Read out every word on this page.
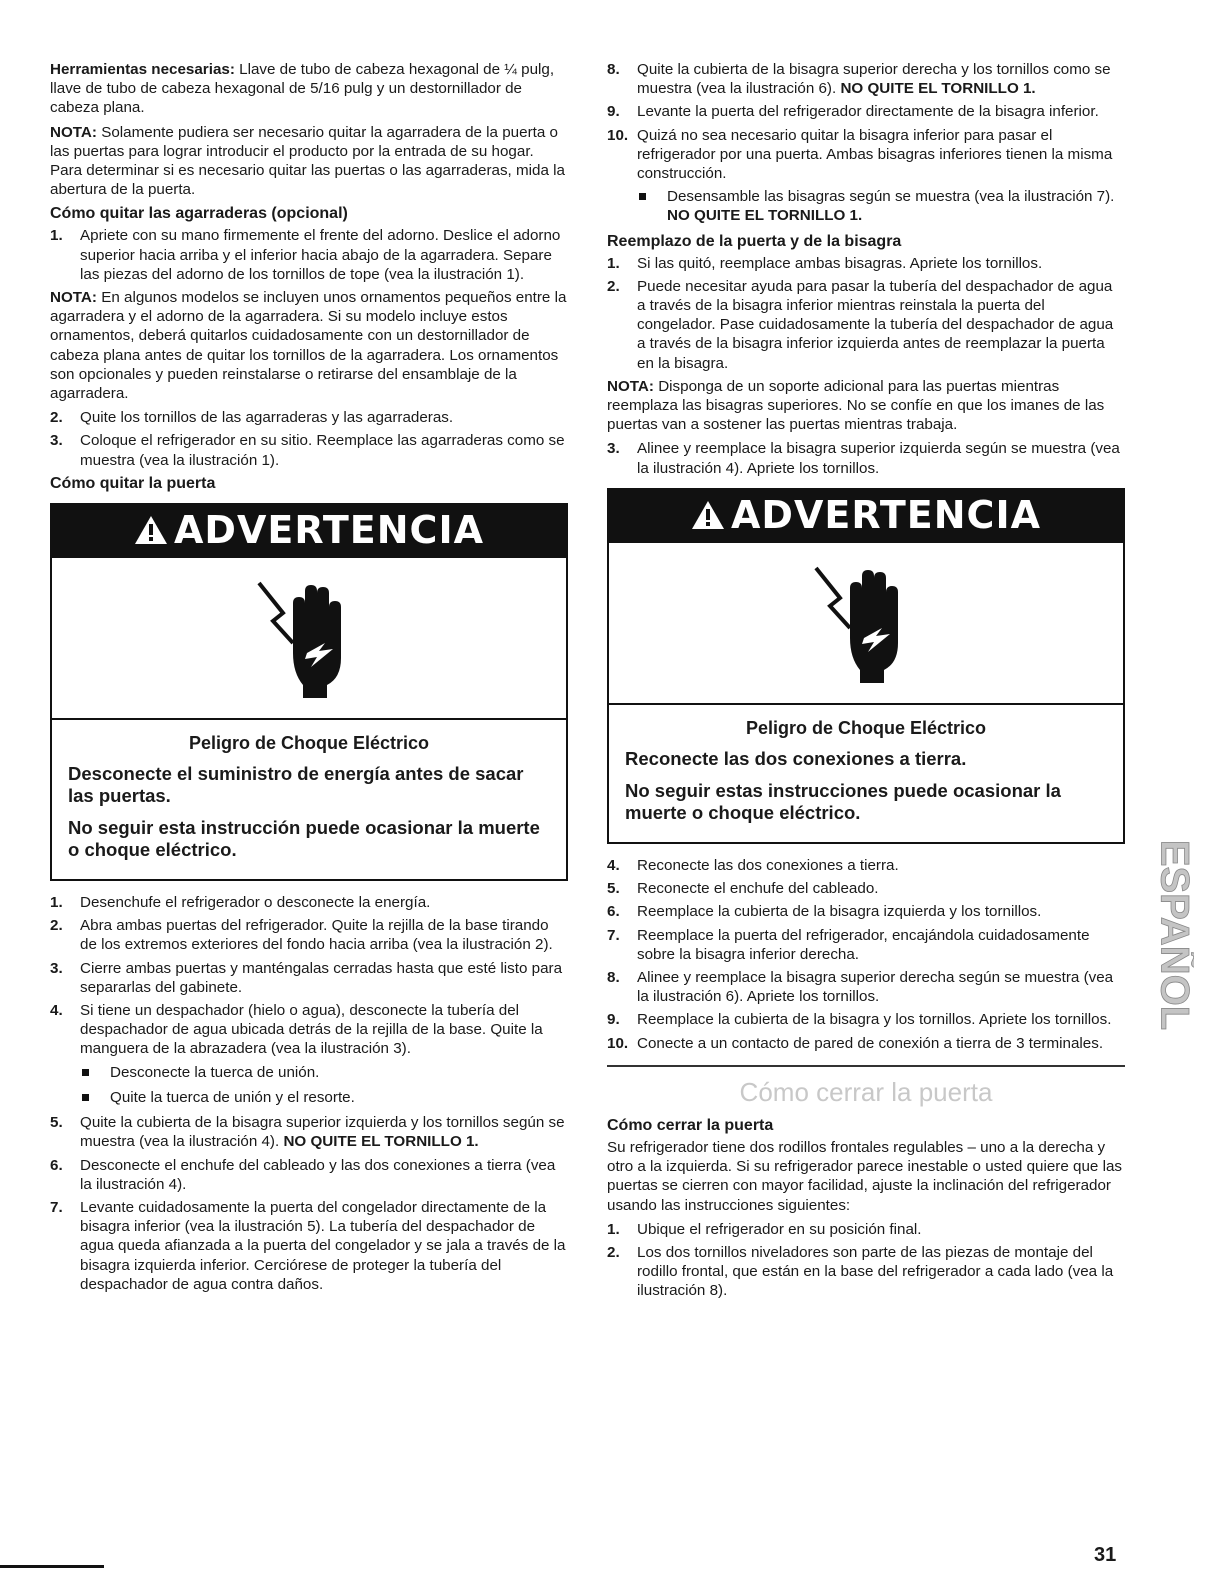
Herramientas necesarias: Llave de tubo de cabeza hexagonal de ¼ pulg, llave de tubo de cabeza hexagonal de 5/16 pulg y un destornillador de cabeza plana.

NOTA: Solamente pudiera ser necesario quitar la agarradera de la puerta o las puertas para lograr introducir el producto por la entrada de su hogar. Para determinar si es necesario quitar las puertas o las agarraderas, mida la abertura de la puerta.

Cómo quitar las agarraderas (opcional)
1. Apriete con su mano firmemente el frente del adorno. Deslice el adorno superior hacia arriba y el inferior hacia abajo de la agarradera. Separe las piezas del adorno de los tornillos de tope (vea la ilustración 1).

NOTA: En algunos modelos se incluyen unos ornamentos pequeños entre la agarradera y el adorno de la agarradera. Si su modelo incluye estos ornamentos, deberá quitarlos cuidadosamente con un destornillador de cabeza plana antes de quitar los tornillos de la agarradera. Los ornamentos son opcionales y pueden reinstalarse o retirarse del ensamblaje de la agarradera.

2. Quite los tornillos de las agarraderas y las agarraderas.
3. Coloque el refrigerador en su sitio. Reemplace las agarraderas como se muestra (vea la ilustración 1).
Cómo quitar la puerta
ADVERTENCIA

Peligro de Choque Eléctrico

Desconecte el suministro de energía antes de sacar las puertas.

No seguir esta instrucción puede ocasionar la muerte o choque eléctrico.

1. Desenchufe el refrigerador o desconecte la energía.
2. Abra ambas puertas del refrigerador. Quite la rejilla de la base tirando de los extremos exteriores del fondo hacia arriba (vea la ilustración 2).
3. Cierre ambas puertas y manténgalas cerradas hasta que esté listo para separarlas del gabinete.
4. Si tiene un despachador (hielo o agua), desconecte la tubería del despachador de agua ubicada detrás de la rejilla de la base. Quite la manguera de la abrazadera (vea la ilustración 3).
Desconecte la tuerca de unión.
Quite la tuerca de unión y el resorte.
5. Quite la cubierta de la bisagra superior izquierda y los tornillos según se muestra (vea la ilustración 4). NO QUITE EL TORNILLO 1.
6. Desconecte el enchufe del cableado y las dos conexiones a tierra (vea la ilustración 4).
7. Levante cuidadosamente la puerta del congelador directamente de la bisagra inferior (vea la ilustración 5). La tubería del despachador de agua queda afianzada a la puerta del congelador y se jala a través de la bisagra izquierda inferior. Cerciórese de proteger la tubería del despachador de agua contra daños.
8. Quite la cubierta de la bisagra superior derecha y los tornillos como se muestra (vea la ilustración 6). NO QUITE EL TORNILLO 1.
9. Levante la puerta del refrigerador directamente de la bisagra inferior.
10. Quizá no sea necesario quitar la bisagra inferior para pasar el refrigerador por una puerta. Ambas bisagras inferiores tienen la misma construcción.
Desensamble las bisagras según se muestra (vea la ilustración 7). NO QUITE EL TORNILLO 1.
Reemplazo de la puerta y de la bisagra
1. Si las quitó, reemplace ambas bisagras. Apriete los tornillos.
2. Puede necesitar ayuda para pasar la tubería del despachador de agua a través de la bisagra inferior mientras reinstala la puerta del congelador. Pase cuidadosamente la tubería del despachador de agua a través de la bisagra inferior izquierda antes de reemplazar la puerta en la bisagra.

NOTA: Disponga de un soporte adicional para las puertas mientras reemplaza las bisagras superiores. No se confíe en que los imanes de las puertas van a sostener las puertas mientras trabaja.

3. Alinee y reemplace la bisagra superior izquierda según se muestra (vea la ilustración 4). Apriete los tornillos.
ADVERTENCIA

Peligro de Choque Eléctrico

Reconecte las dos conexiones a tierra.

No seguir estas instrucciones puede ocasionar la muerte o choque eléctrico.

4. Reconecte las dos conexiones a tierra.
5. Reconecte el enchufe del cableado.
6. Reemplace la cubierta de la bisagra izquierda y los tornillos.
7. Reemplace la puerta del refrigerador, encajándola cuidadosamente sobre la bisagra inferior derecha.
8. Alinee y reemplace la bisagra superior derecha según se muestra (vea la ilustración 6). Apriete los tornillos.
9. Reemplace la cubierta de la bisagra y los tornillos. Apriete los tornillos.
10. Conecte a un contacto de pared de conexión a tierra de 3 terminales.
Cómo cerrar la puerta
Cómo cerrar la puerta

Su refrigerador tiene dos rodillos frontales regulables – uno a la derecha y otro a la izquierda. Si su refrigerador parece inestable o usted quiere que las puertas se cierren con mayor facilidad, ajuste la inclinación del refrigerador usando las instrucciones siguientes:

1. Ubique el refrigerador en su posición final.
2. Los dos tornillos niveladores son parte de las piezas de montaje del rodillo frontal, que están en la base del refrigerador a cada lado (vea la ilustración 8).
ESPAÑOL
31
